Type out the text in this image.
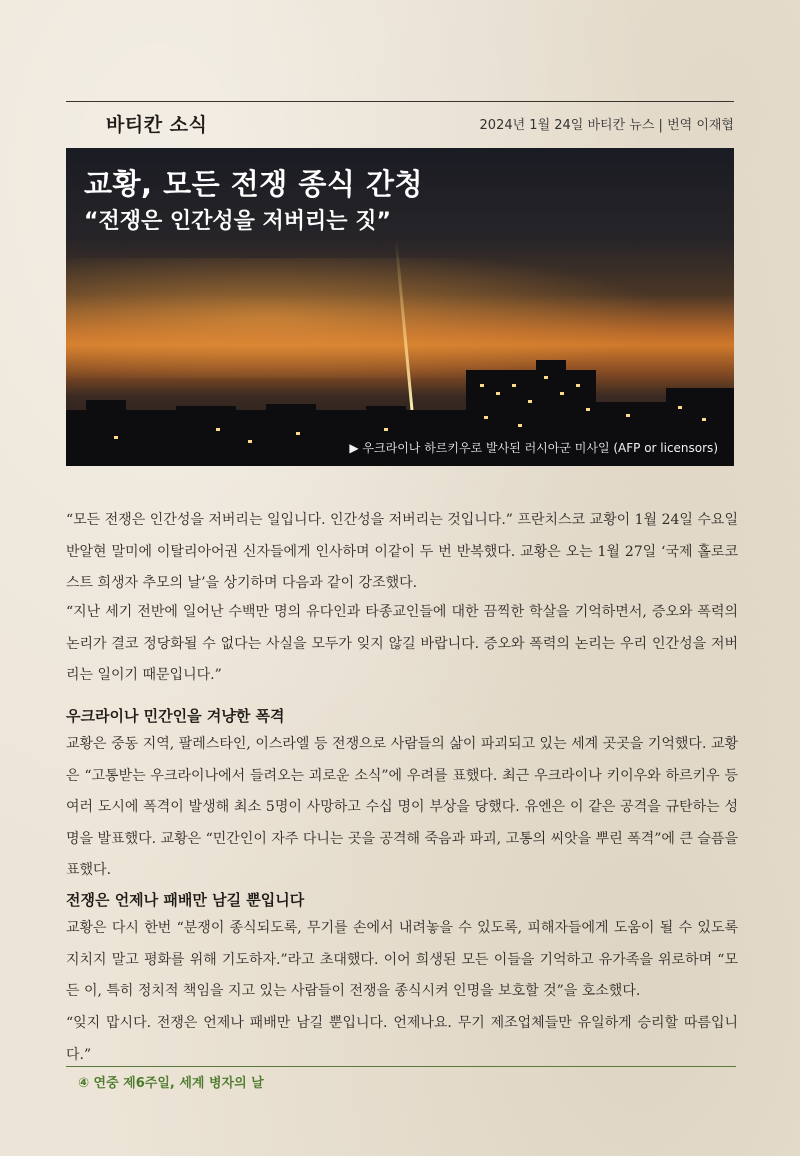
바티칸 소식	2024년 1월 24일 바티칸 뉴스 | 번역 이재협
교황, 모든 전쟁 종식 간청
“전쟁은 인간성을 저버리는 짓”
▶ 우크라이나 하르키우로 발사된 러시아군 미사일 (AFP or licensors)

“모든 전쟁은 인간성을 저버리는 일입니다. 인간성을 저버리는 것입니다.” 프란치스코 교황이 1월 24일 수요일반알현 말미에 이탈리아어권 신자들에게 인사하며 이같이 두 번 반복했다. 교황은 오는 1월 27일 ‘국제 홀로코스트 희생자 추모의 날’을 상기하며 다음과 같이 강조했다.

“지난 세기 전반에 일어난 수백만 명의 유다인과 타종교인들에 대한 끔찍한 학살을 기억하면서, 증오와 폭력의 논리가 결코 정당화될 수 없다는 사실을 모두가 잊지 않길 바랍니다. 증오와 폭력의 논리는 우리 인간성을 저버리는 일이기 때문입니다.”

우크라이나 민간인을 겨냥한 폭격

교황은 중동 지역, 팔레스타인, 이스라엘 등 전쟁으로 사람들의 삶이 파괴되고 있는 세계 곳곳을 기억했다. 교황은 “고통받는 우크라이나에서 들려오는 괴로운 소식”에 우려를 표했다. 최근 우크라이나 키이우와 하르키우 등 여러 도시에 폭격이 발생해 최소 5명이 사망하고 수십 명이 부상을 당했다. 유엔은 이 같은 공격을 규탄하는 성명을 발표했다. 교황은 “민간인이 자주 다니는 곳을 공격해 죽음과 파괴, 고통의 씨앗을 뿌린 폭격”에 큰 슬픔을 표했다.

전쟁은 언제나 패배만 남길 뿐입니다

교황은 다시 한번 “분쟁이 종식되도록, 무기를 손에서 내려놓을 수 있도록, 피해자들에게 도움이 될 수 있도록 지치지 말고 평화를 위해 기도하자.”라고 초대했다. 이어 희생된 모든 이들을 기억하고 유가족을 위로하며 “모든 이, 특히 정치적 책임을 지고 있는 사람들이 전쟁을 종식시켜 인명을 보호할 것”을 호소했다.

“잊지 맙시다. 전쟁은 언제나 패배만 남길 뿐입니다. 언제나요. 무기 제조업체들만 유일하게 승리할 따름입니다.”

④ 연중 제6주일, 세계 병자의 날
